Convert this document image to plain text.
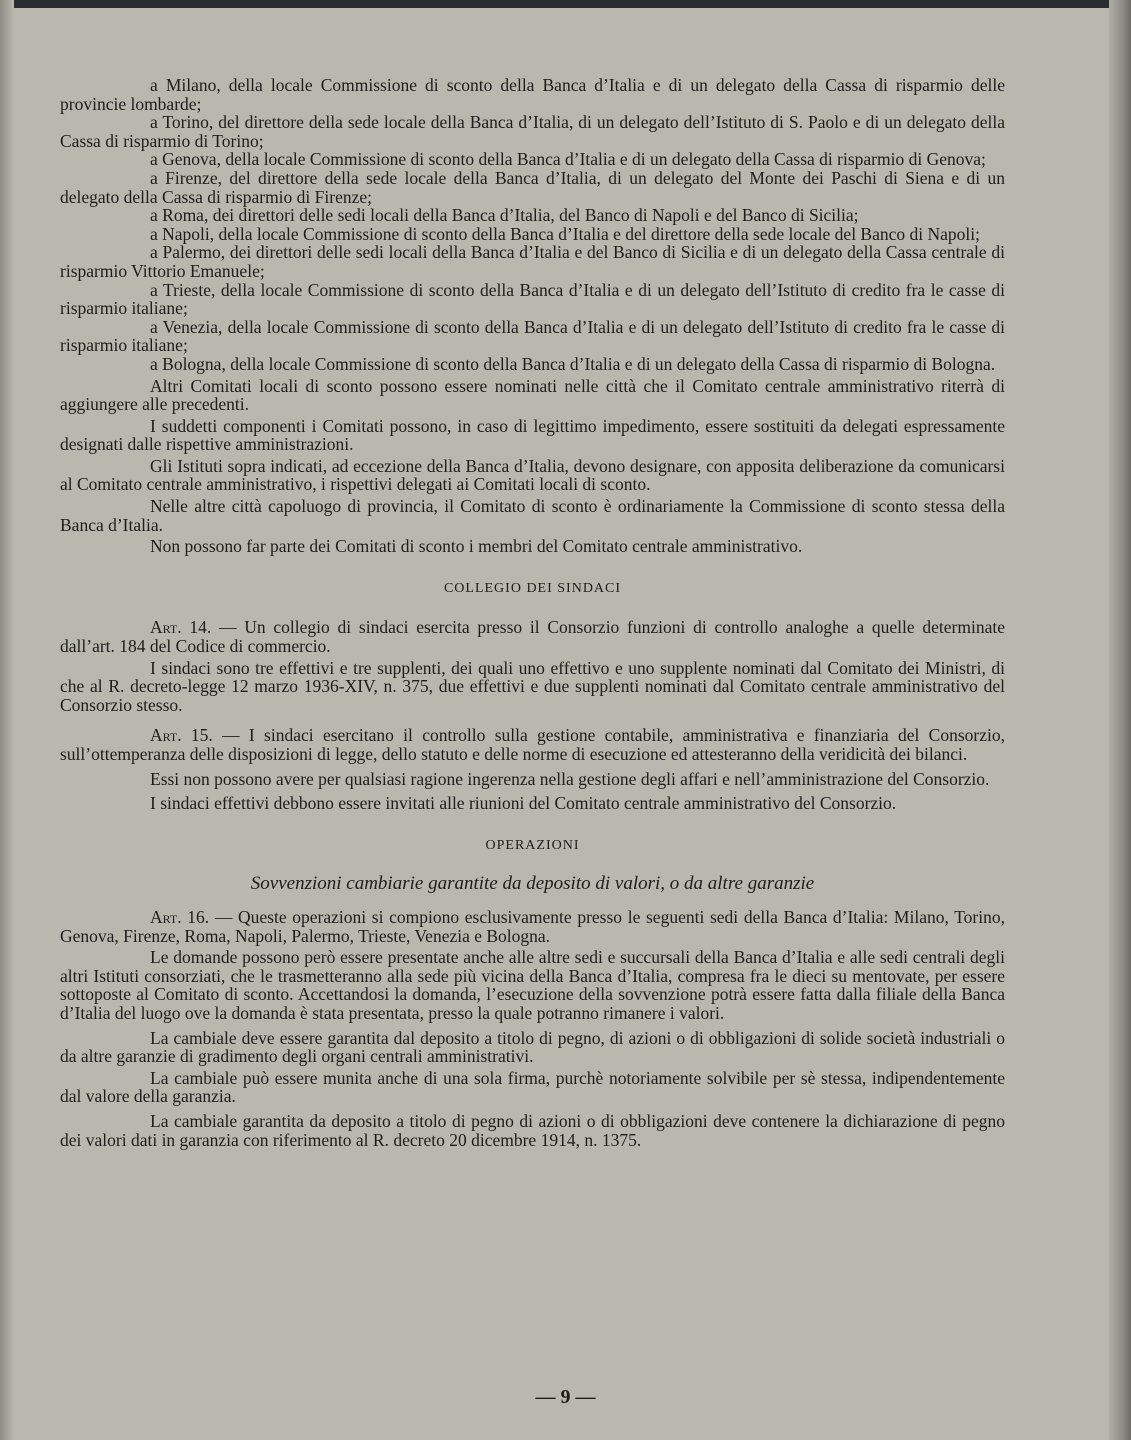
a Milano, della locale Commissione di sconto della Banca d’Italia e di un delegato della Cassa di risparmio delle provincie lombarde;

a Torino, del direttore della sede locale della Banca d’Italia, di un delegato dell’Istituto di S. Paolo e di un delegato della Cassa di risparmio di Torino;

a Genova, della locale Commissione di sconto della Banca d’Italia e di un delegato della Cassa di risparmio di Genova;

a Firenze, del direttore della sede locale della Banca d’Italia, di un delegato del Monte dei Paschi di Siena e di un delegato della Cassa di risparmio di Firenze;

a Roma, dei direttori delle sedi locali della Banca d’Italia, del Banco di Napoli e del Banco di Sicilia;

a Napoli, della locale Commissione di sconto della Banca d’Italia e del direttore della sede locale del Banco di Napoli;

a Palermo, dei direttori delle sedi locali della Banca d’Italia e del Banco di Sicilia e di un delegato della Cassa centrale di risparmio Vittorio Emanuele;

a Trieste, della locale Commissione di sconto della Banca d’Italia e di un delegato dell’Istituto di credito fra le casse di risparmio italiane;

a Venezia, della locale Commissione di sconto della Banca d’Italia e di un delegato dell’Istituto di credito fra le casse di risparmio italiane;

a Bologna, della locale Commissione di sconto della Banca d’Italia e di un delegato della Cassa di risparmio di Bologna.

Altri Comitati locali di sconto possono essere nominati nelle città che il Comitato centrale amministrativo riterrà di aggiungere alle precedenti.

I suddetti componenti i Comitati possono, in caso di legittimo impedimento, essere sostituiti da delegati espressamente designati dalle rispettive amministrazioni.

Gli Istituti sopra indicati, ad eccezione della Banca d’Italia, devono designare, con apposita deliberazione da comunicarsi al Comitato centrale amministrativo, i rispettivi delegati ai Comitati locali di sconto.

Nelle altre città capoluogo di provincia, il Comitato di sconto è ordinariamente la Commissione di sconto stessa della Banca d’Italia.

Non possono far parte dei Comitati di sconto i membri del Comitato centrale amministrativo.

COLLEGIO DEI SINDACI

Art. 14. — Un collegio di sindaci esercita presso il Consorzio funzioni di controllo analoghe a quelle determinate dall’art. 184 del Codice di commercio.

I sindaci sono tre effettivi e tre supplenti, dei quali uno effettivo e uno supplente nominati dal Comitato dei Ministri, di che al R. decreto-legge 12 marzo 1936-XIV, n. 375, due effettivi e due supplenti nominati dal Comitato centrale amministrativo del Consorzio stesso.

Art. 15. — I sindaci esercitano il controllo sulla gestione contabile, amministrativa e finanziaria del Consorzio, sull’ottemperanza delle disposizioni di legge, dello statuto e delle norme di esecuzione ed attesteranno della veridicità dei bilanci.

Essi non possono avere per qualsiasi ragione ingerenza nella gestione degli affari e nell’amministrazione del Consorzio.

I sindaci effettivi debbono essere invitati alle riunioni del Comitato centrale amministrativo del Consorzio.

OPERAZIONI

Sovvenzioni cambiarie garantite da deposito di valori, o da altre garanzie

Art. 16. — Queste operazioni si compiono esclusivamente presso le seguenti sedi della Banca d’Italia: Milano, Torino, Genova, Firenze, Roma, Napoli, Palermo, Trieste, Venezia e Bologna.

Le domande possono però essere presentate anche alle altre sedi e succursali della Banca d’Italia e alle sedi centrali degli altri Istituti consorziati, che le trasmetteranno alla sede più vicina della Banca d’Italia, compresa fra le dieci su mentovate, per essere sottoposte al Comitato di sconto. Accettandosi la domanda, l’esecuzione della sovvenzione potrà essere fatta dalla filiale della Banca d’Italia del luogo ove la domanda è stata presentata, presso la quale potranno rimanere i valori.

La cambiale deve essere garantita dal deposito a titolo di pegno, di azioni o di obbligazioni di solide società industriali o da altre garanzie di gradimento degli organi centrali amministrativi.

La cambiale può essere munita anche di una sola firma, purchè notoriamente solvibile per sè stessa, indipendentemente dal valore della garanzia.

La cambiale garantita da deposito a titolo di pegno di azioni o di obbligazioni deve contenere la dichiarazione di pegno dei valori dati in garanzia con riferimento al R. decreto 20 dicembre 1914, n. 1375.

— 9 —
